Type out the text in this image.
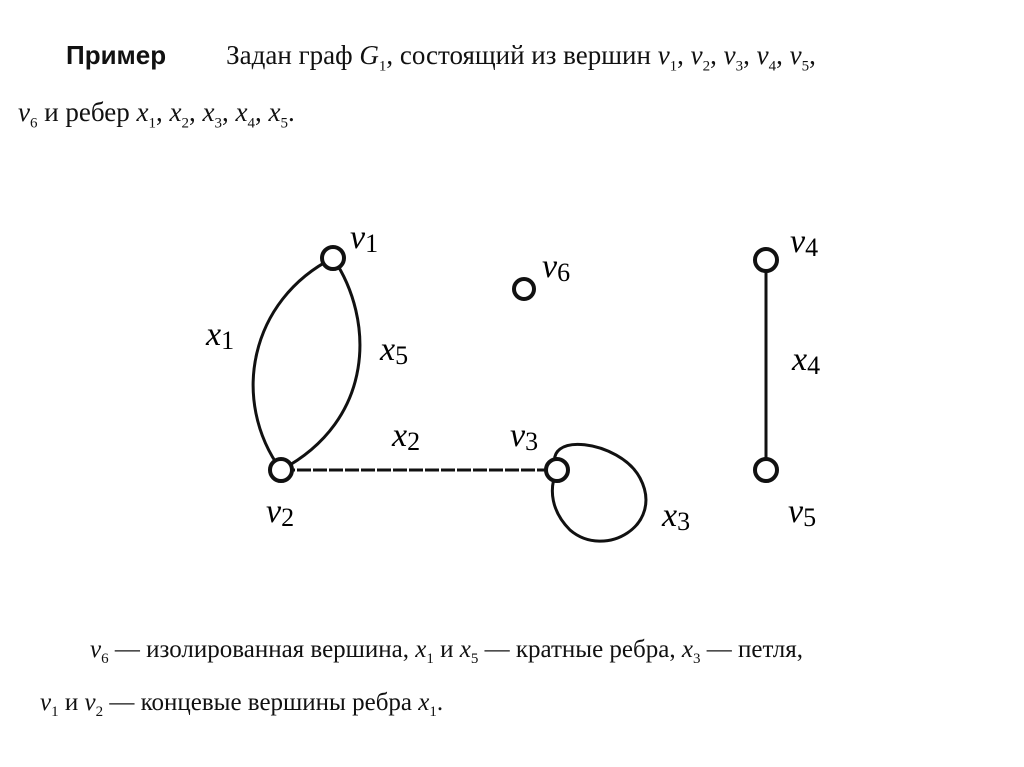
Пример Задан граф $G_1$, состоящий из вершин $v_1$, $v_2$, $v_3$, $v_4$, $v_5$,
$v_6$ и ребер $x_1$, $x_2$, $x_3$, $x_4$, $x_5$.

v1
v2
v3
v4
v5
v6
x1
x2
x3
x4
x5

$v_6$ — изолированная вершина, $x_1$ и $x_5$ — кратные ребра, $x_3$ — петля,
$v_1$ и $v_2$ — концевые вершины ребра $x_1$.
